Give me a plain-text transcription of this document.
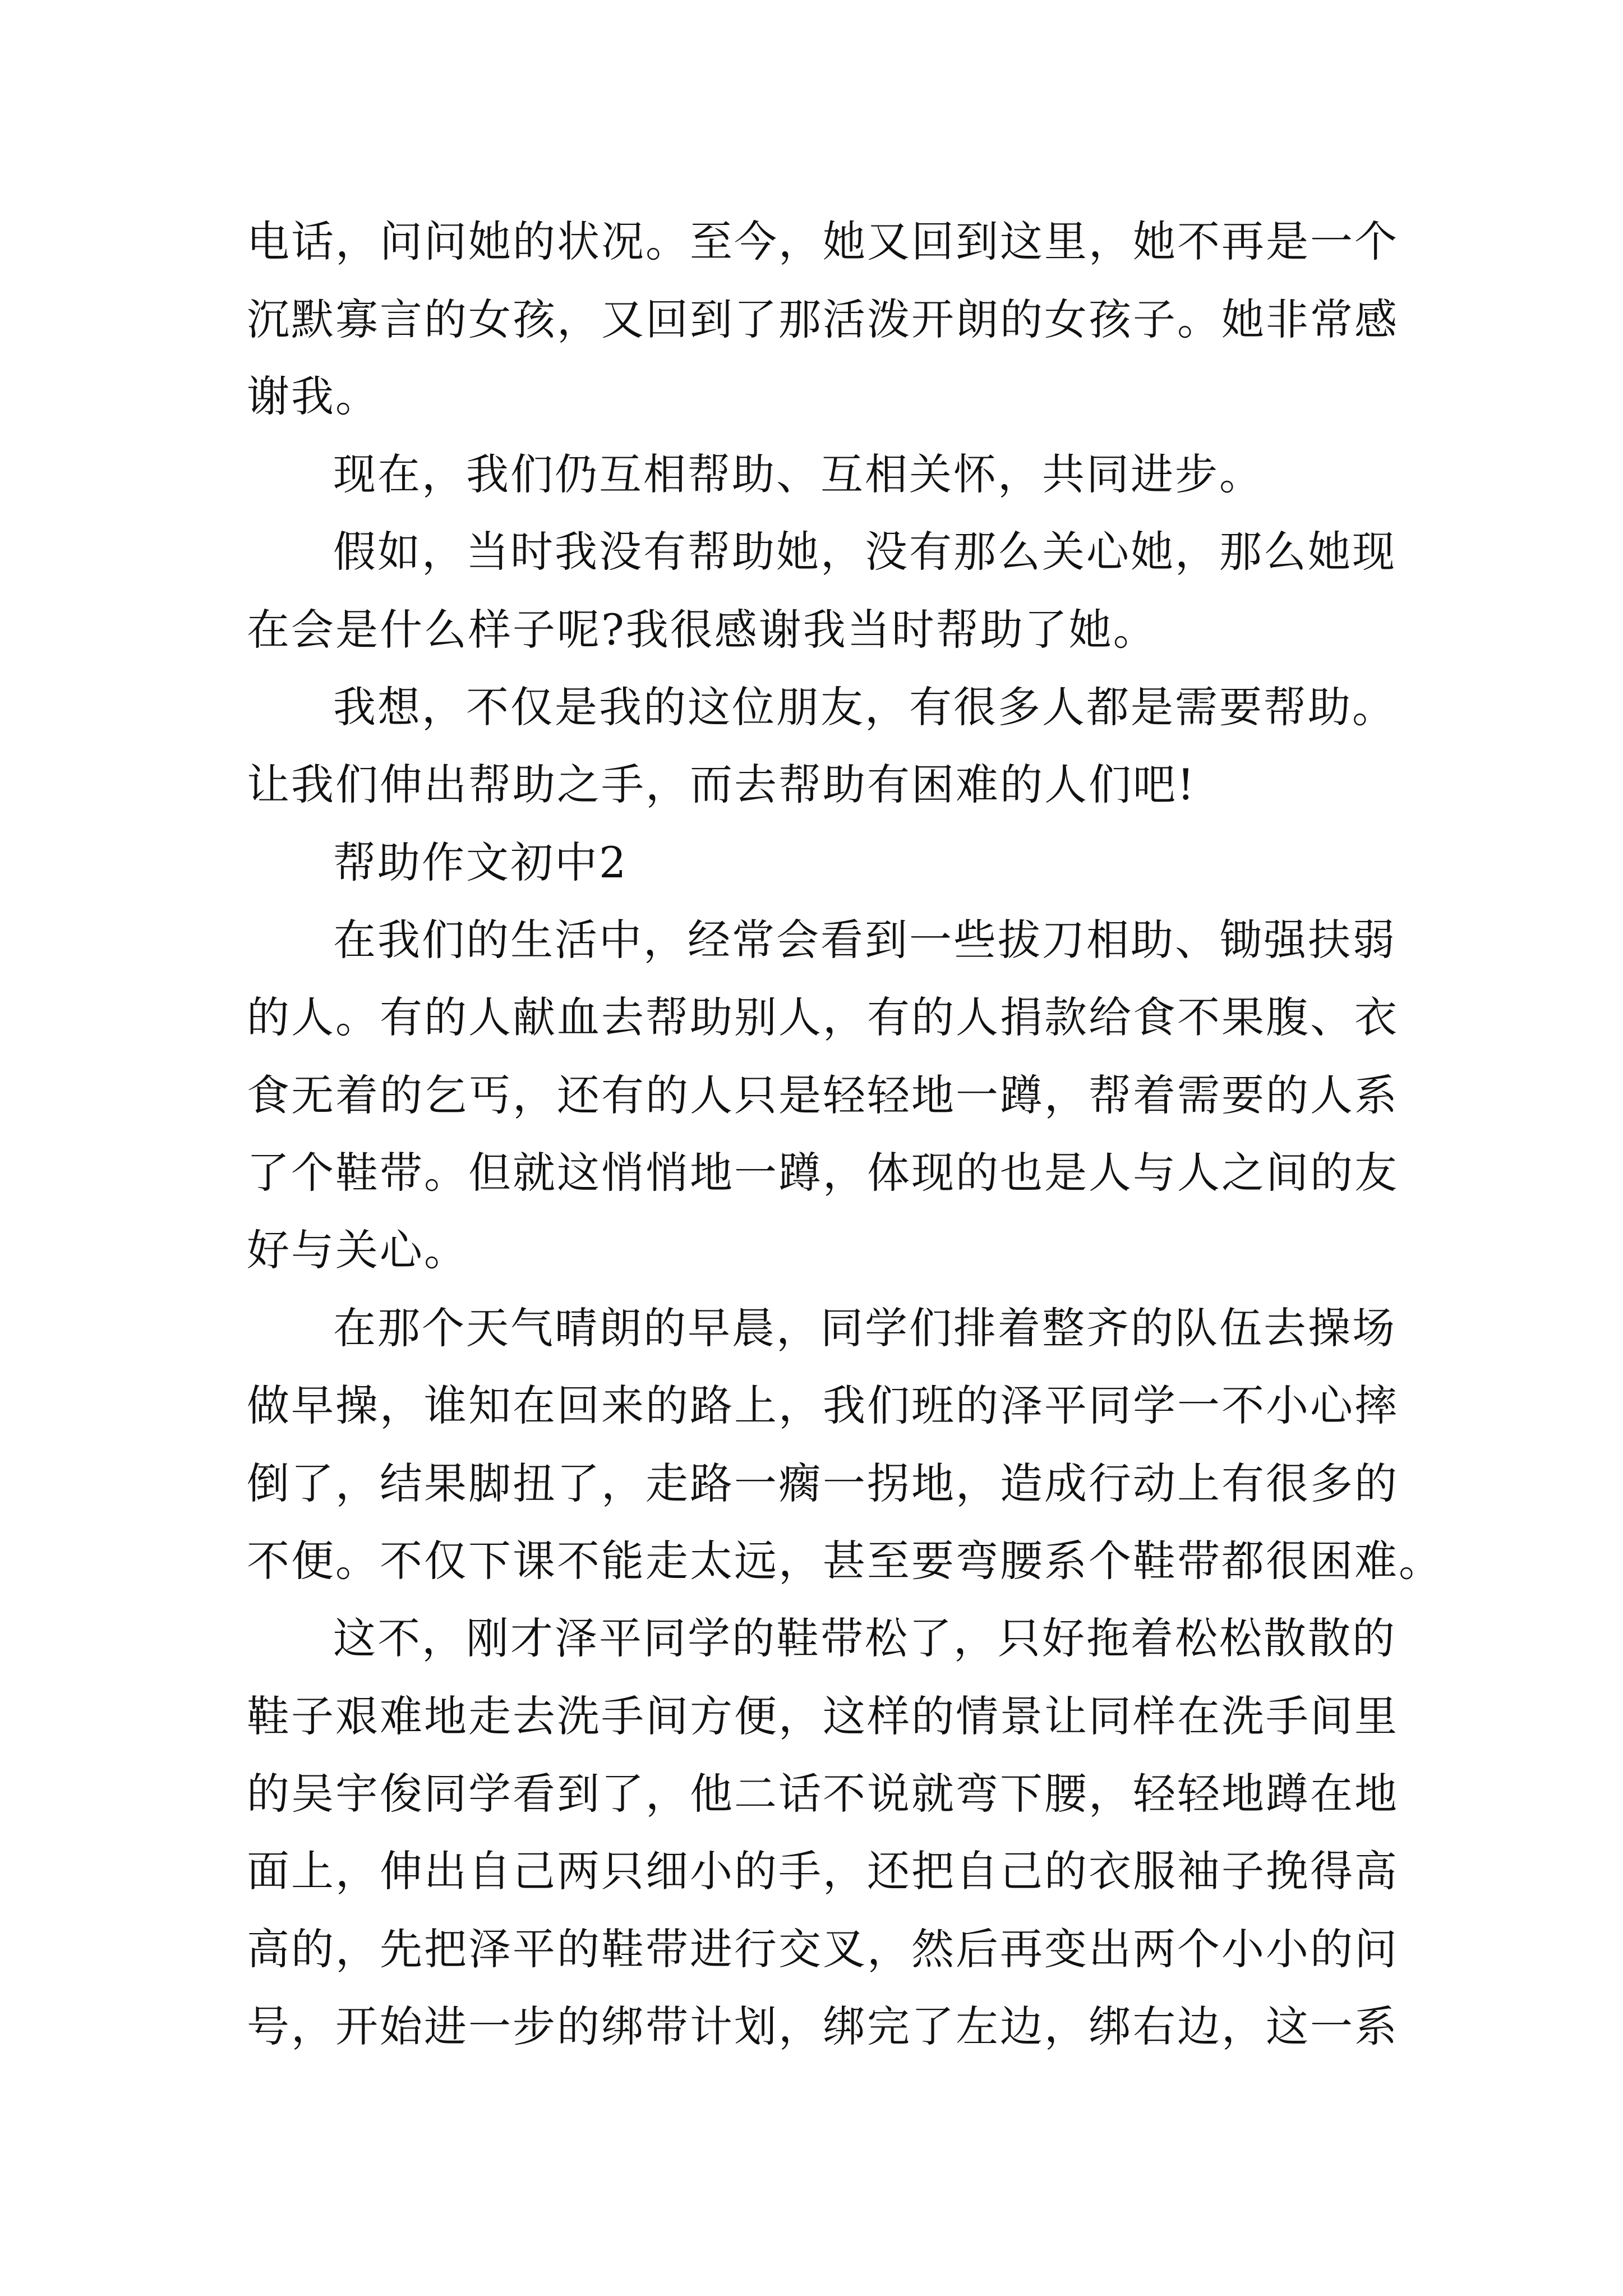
电话，问问她的状况。至今，她又回到这里，她不再是一个
沉默寡言的女孩，又回到了那活泼开朗的女孩子。她非常感
谢我。
现在，我们仍互相帮助、互相关怀，共同进步。
假如，当时我没有帮助她，没有那么关心她，那么她现
在会是什么样子呢?我很感谢我当时帮助了她。
我想，不仅是我的这位朋友，有很多人都是需要帮助。
让我们伸出帮助之手，而去帮助有困难的人们吧!
帮助作文初中2
在我们的生活中，经常会看到一些拔刀相助、锄强扶弱
的人。有的人献血去帮助别人，有的人捐款给食不果腹、衣
食无着的乞丐，还有的人只是轻轻地一蹲，帮着需要的人系
了个鞋带。但就这悄悄地一蹲，体现的也是人与人之间的友
好与关心。
在那个天气晴朗的早晨，同学们排着整齐的队伍去操场
做早操，谁知在回来的路上，我们班的泽平同学一不小心摔
倒了，结果脚扭了，走路一瘸一拐地，造成行动上有很多的
不便。不仅下课不能走太远，甚至要弯腰系个鞋带都很困难。
这不，刚才泽平同学的鞋带松了，只好拖着松松散散的
鞋子艰难地走去洗手间方便，这样的情景让同样在洗手间里
的吴宇俊同学看到了，他二话不说就弯下腰，轻轻地蹲在地
面上，伸出自己两只细小的手，还把自己的衣服袖子挽得高
高的，先把泽平的鞋带进行交叉，然后再变出两个小小的问
号，开始进一步的绑带计划，绑完了左边，绑右边，这一系
